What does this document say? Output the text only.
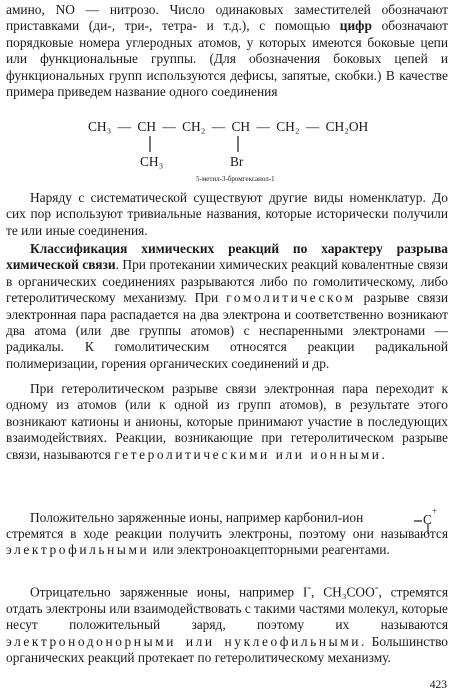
амино, NO — нитрозо. Число одинаковых заместителей обозначают приставками (ди-, три-, тетра- и т.д.), с помощью цифр обозначают порядковые номера углеродных атомов, у которых имеются боковые цепи или функциональные группы. (Для обозначения боковых цепей и функциональных групп используются дефисы, запятые, скобки.) В качестве примера приведем название одного соединения
CH₃ — CH — CH₂ — CH — CH₂ — CH₂OH
CH₃	Br
5-метил-3-бромгексанол-1
Наряду с систематической существуют другие виды номенклатур. До сих пор используют тривиальные названия, которые исторически получили те или иные соединения.
Классификация химических реакций по характеру разрыва химической связи. При протекании химических реакций ковалентные связи в органических соединениях разрываются либо по гомолитическому, либо гетеролитическому механизму. При гомолитическом разрыве связи электронная пара распадается на два электрона и соответственно возникают два атома (или две группы атомов) с неспаренными электронами — радикалы. К гомолитическим относятся реакции радикальной полимеризации, горения органических соединений и др.
При гетеролитическом разрыве связи электронная пара переходит к одному из атомов (или к одной из групп атомов), в результате этого возникают катионы и анионы, которые принимают участие в последующих взаимодействиях. Реакции, возникающие при гетеролитическом разрыве связи, называются гетеролитическими или ионными.
Положительно заряженные ионы, например карбонил-ион	C
+
стремятся в ходе реакции получить электроны, поэтому они называются электрофильными или электроноакцепторными реагентами.
Отрицательно заряженные ионы, например I-, CH₃COO-, стремятся отдать электроны или взаимодействовать с такими частями молекул, которые несут положительный заряд, поэтому их называются электронодонорными или нуклеофильными. Большинство органических реакций протекает по гетеролитическому механизму.
423
